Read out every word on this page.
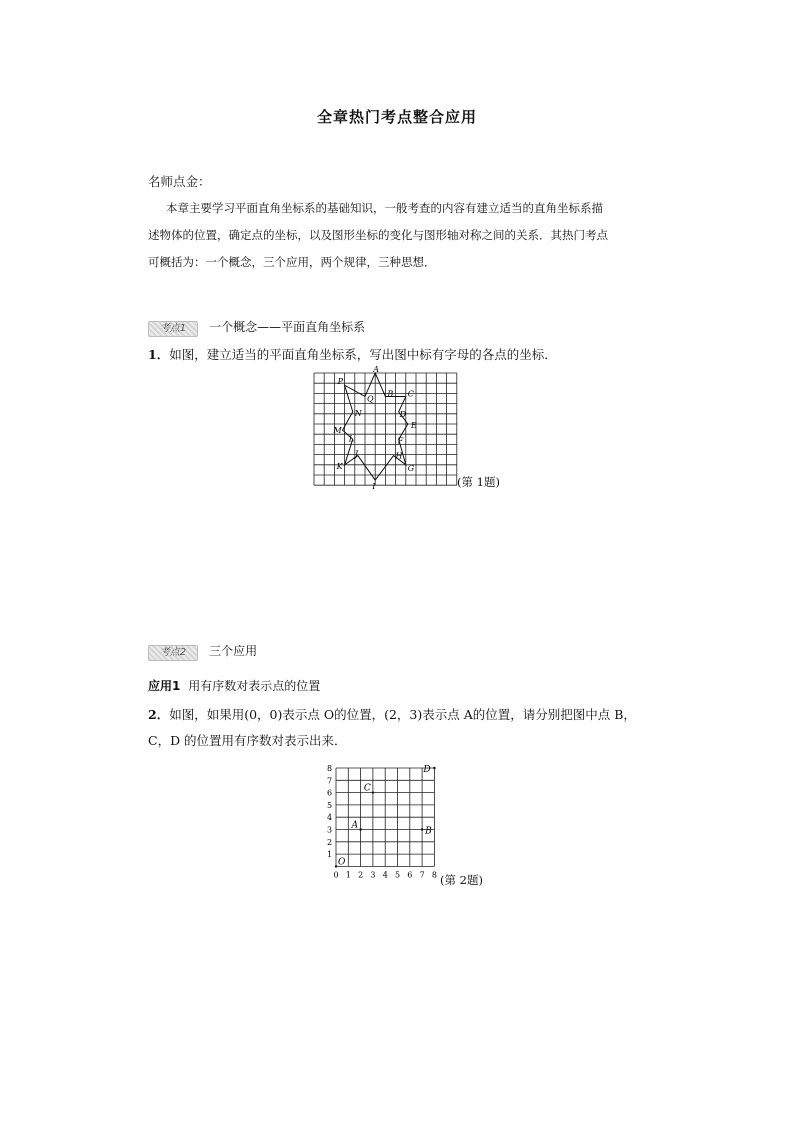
全章热门考点整合应用
名师点金：
本章主要学习平面直角坐标系的基础知识，一般考查的内容有建立适当的直角坐标系描
述物体的位置，确定点的坐标，以及图形坐标的变化与图形轴对称之间的关系．其热门考点
可概括为：一个概念，三个应用，两个规律，三种思想．
考点1 一个概念——平面直角坐标系
1．如图，建立适当的平面直角坐标系，写出图中标有字母的各点的坐标．
A
B C
D
E
F
G
H
I
J
K
L
M
N
P
Q
(第 1题)
考点2 三个应用
应用1 用有序数对表示点的位置
2．如图，如果用(0，0)表示点 O的位置，(2，3)表示点 A的位置，请分别把图中点 B，
C，D 的位置用有序数对表示出来．
0 1
1
2
2
3
3
4
4
5
5
6
6
7
7
8
8
O
A
B
C
D
(第 2题)
